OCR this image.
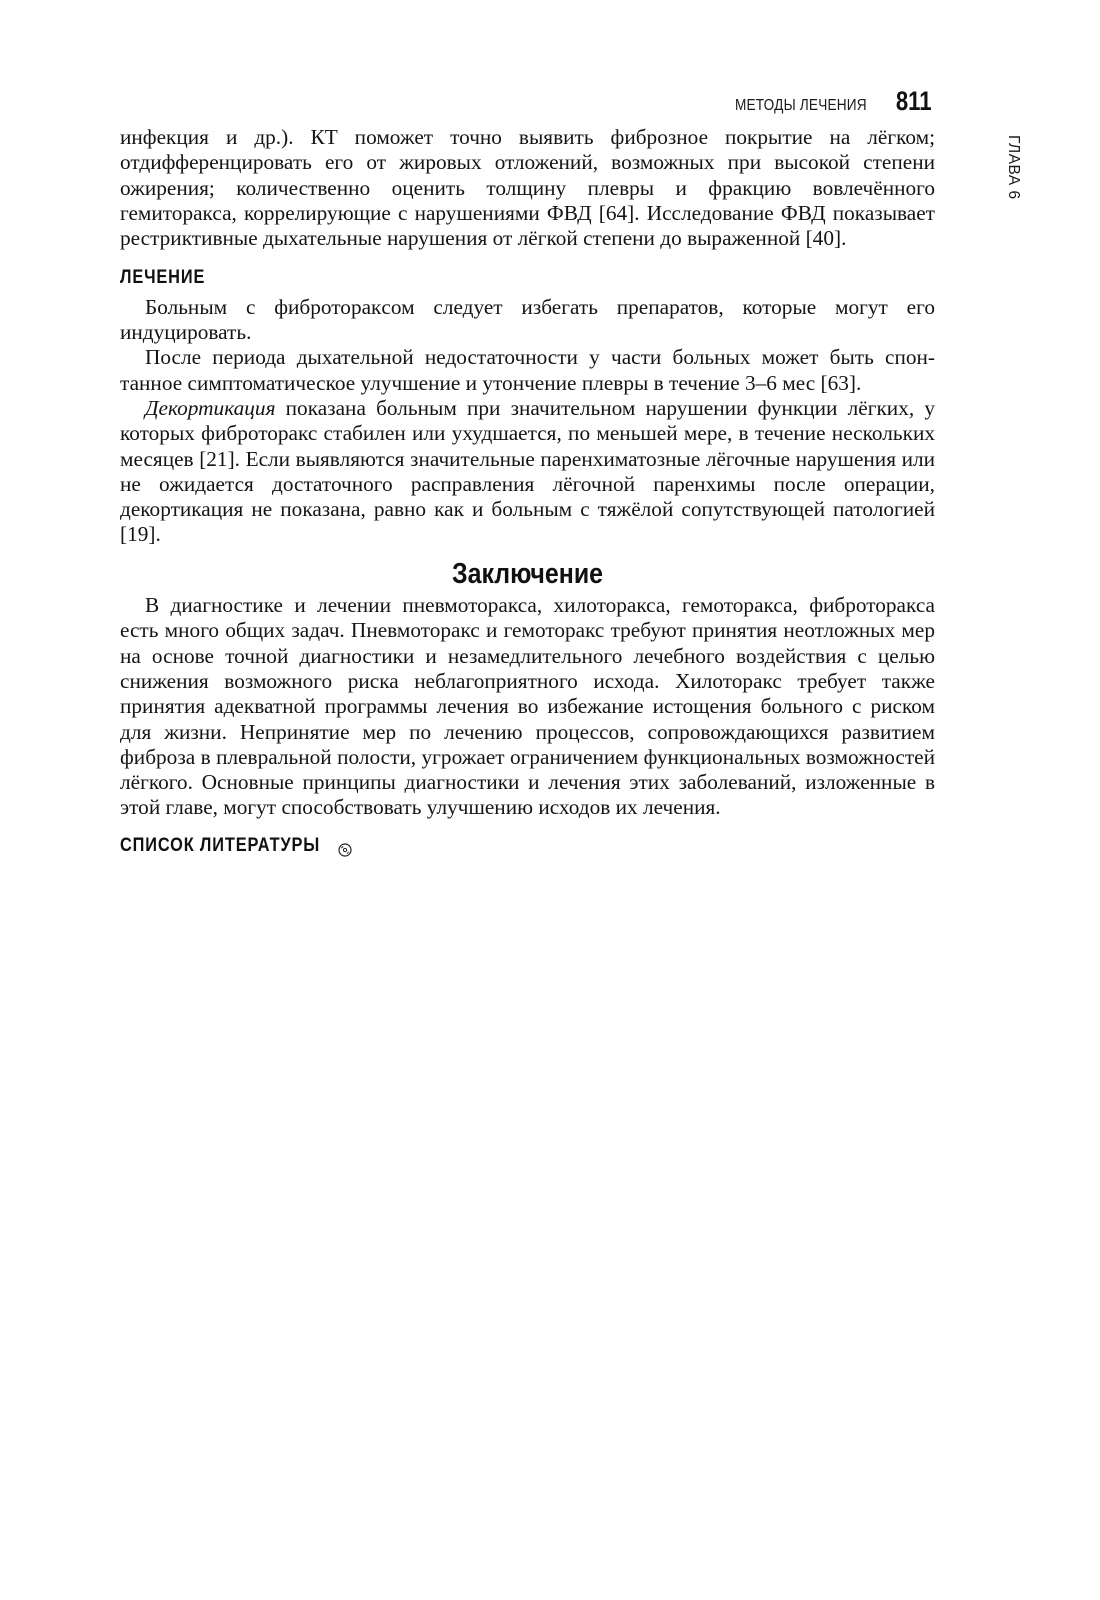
МЕТОДЫ ЛЕЧЕНИЯ 811
ГЛАВА 6

инфекция и др.). КТ поможет точно выявить фиброзное покрытие на лёгком; отдифференцировать его от жировых отложений, возможных при высокой степени ожирения; количественно оценить толщину плевры и фракцию вовлечённого гемиторакса, коррелирующие с нарушениями ФВД [64]. Исследование ФВД показывает рестриктивные дыхательные нарушения от лёгкой степени до выраженной [40].

ЛЕЧЕНИЕ

Больным с фиброторакcом следует избегать препаратов, которые могут его индуцировать.

После периода дыхательной недостаточности у части больных может быть спонтанное симптоматическое улучшение и утончение плевры в течение 3–6 мес [63].

Декортикация показана больным при значительном нарушении функции лёгких, у которых фиброторакс стабилен или ухудшается, по меньшей мере, в течение нескольких месяцев [21]. Если выявляются значительные паренхиматозные лёгочные нарушения или не ожидается достаточного расправления лёгочной паренхимы после операции, декортикация не показана, равно как и больным с тяжёлой сопутствующей патологией [19].

Заключение

В диагностике и лечении пневмоторакса, хилоторакса, гемоторакса, фиброторакса есть много общих задач. Пневмоторакс и гемоторакс требуют принятия неотложных мер на основе точной диагностики и незамедлительного лечебного воздействия с целью снижения возможного риска неблагоприятного исхода. Хилоторакс требует также принятия адекватной программы лечения во избежание истощения больного с риском для жизни. Непринятие мер по лечению процессов, сопровождающихся развитием фиброза в плевральной полости, угрожает ограничением функциональных возможностей лёгкого. Основные принципы диагностики и лечения этих заболеваний, изложенные в этой главе, могут способствовать улучшению исходов их лечения.

СПИСОК ЛИТЕРАТУРЫ
